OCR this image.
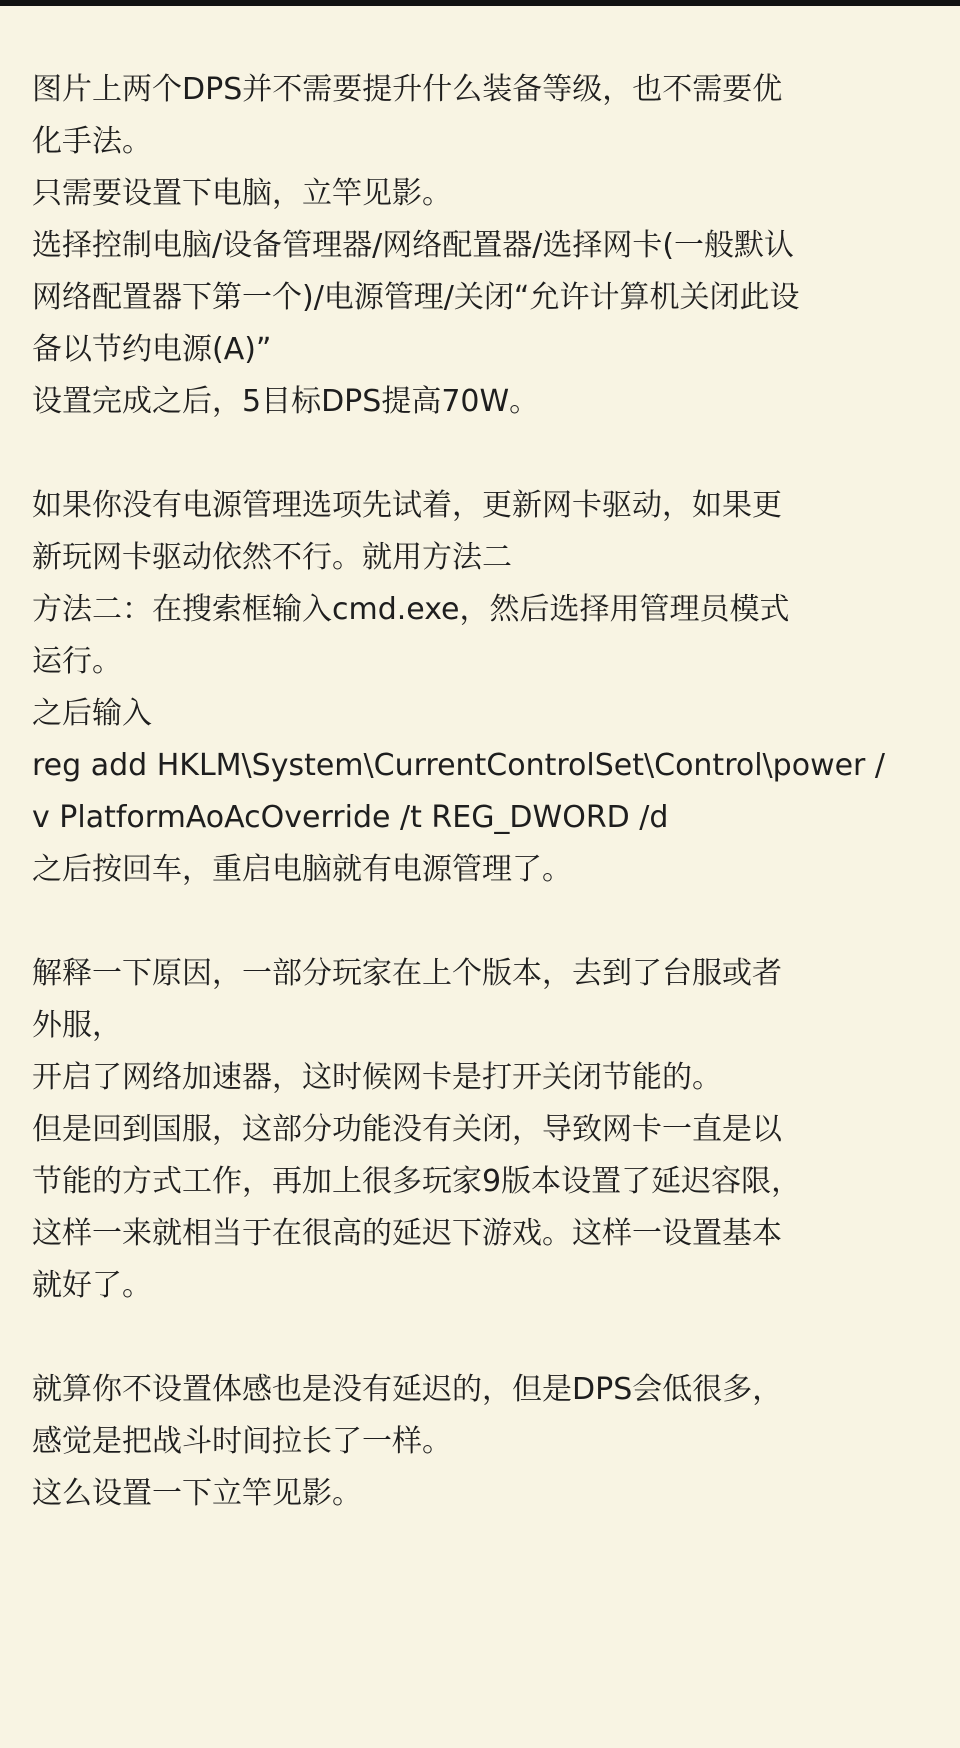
图片上两个DPS并不需要提升什么装备等级，也不需要优
化手法。
只需要设置下电脑，立竿见影。
选择控制电脑/设备管理器/网络配置器/选择网卡(一般默认
网络配置器下第一个)/电源管理/关闭“允许计算机关闭此设
备以节约电源(A)”
设置完成之后，5目标DPS提高70W。
如果你没有电源管理选项先试着，更新网卡驱动，如果更
新玩网卡驱动依然不行。就用方法二
方法二：在搜索框输入cmd.exe，然后选择用管理员模式
运行。
之后输入
reg add HKLM\System\CurrentControlSet\Control\power /
v PlatformAoAcOverride /t REG_DWORD /d
之后按回车，重启电脑就有电源管理了。
解释一下原因，一部分玩家在上个版本，去到了台服或者
外服，
开启了网络加速器，这时候网卡是打开关闭节能的。
但是回到国服，这部分功能没有关闭，导致网卡一直是以
节能的方式工作，再加上很多玩家9版本设置了延迟容限，
这样一来就相当于在很高的延迟下游戏。这样一设置基本
就好了。
就算你不设置体感也是没有延迟的，但是DPS会低很多，
感觉是把战斗时间拉长了一样。
这么设置一下立竿见影。
